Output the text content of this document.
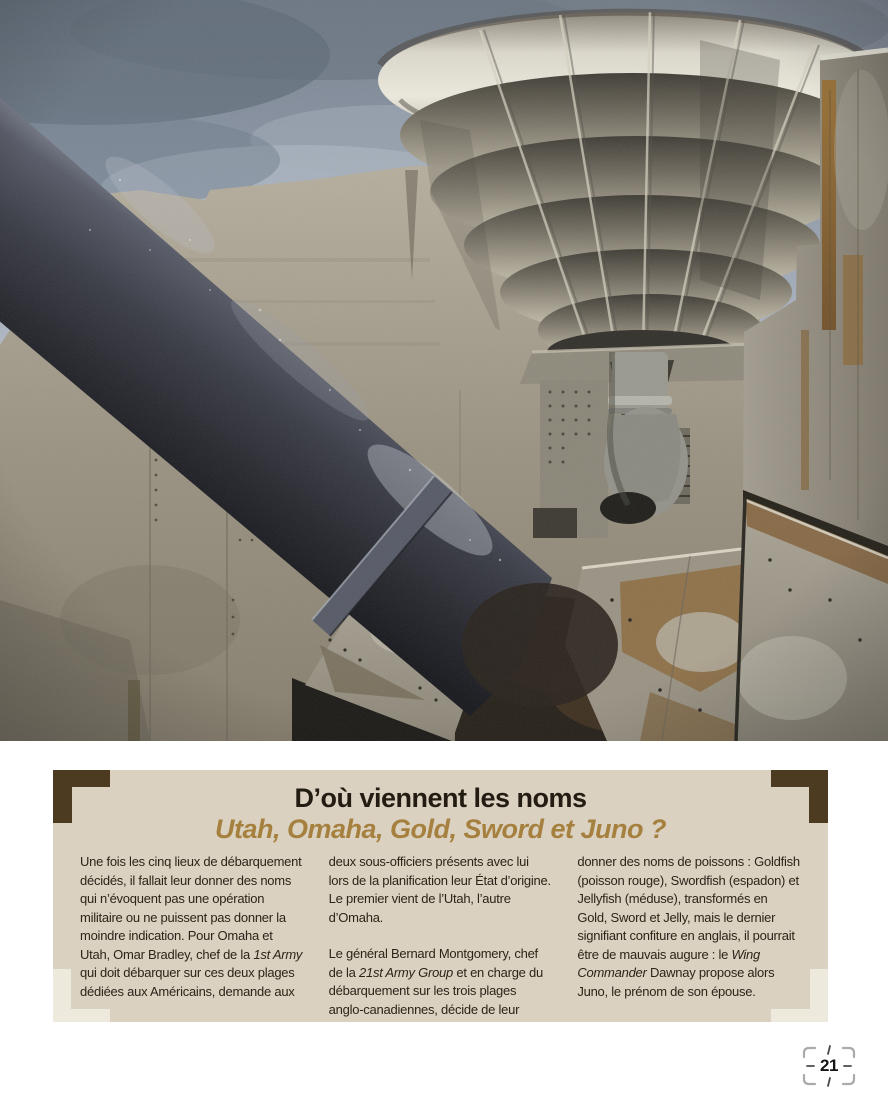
D’où viennent les noms
Utah, Omaha, Gold, Sword et Juno ?

Une fois les cinq lieux de débarquement décidés, il fallait leur donner des noms qui n’évoquent pas une opération militaire ou ne puissent pas donner la moindre indication. Pour Omaha et Utah, Omar Bradley, chef de la 1st Army qui doit débarquer sur ces deux plages dédiées aux Américains, demande aux

deux sous-officiers présents avec lui lors de la planification leur État d’origine. Le premier vient de l’Utah, l’autre d’Omaha.

Le général Bernard Montgomery, chef de la 21st Army Group et en charge du débarquement sur les trois plages anglo-canadiennes, décide de leur

donner des noms de poissons : Goldfish (poisson rouge), Swordfish (espadon) et Jellyfish (méduse), transformés en Gold, Sword et Jelly, mais le dernier signifiant confiture en anglais, il pourrait être de mauvais augure : le Wing Commander Dawnay propose alors Juno, le prénom de son épouse.

21
